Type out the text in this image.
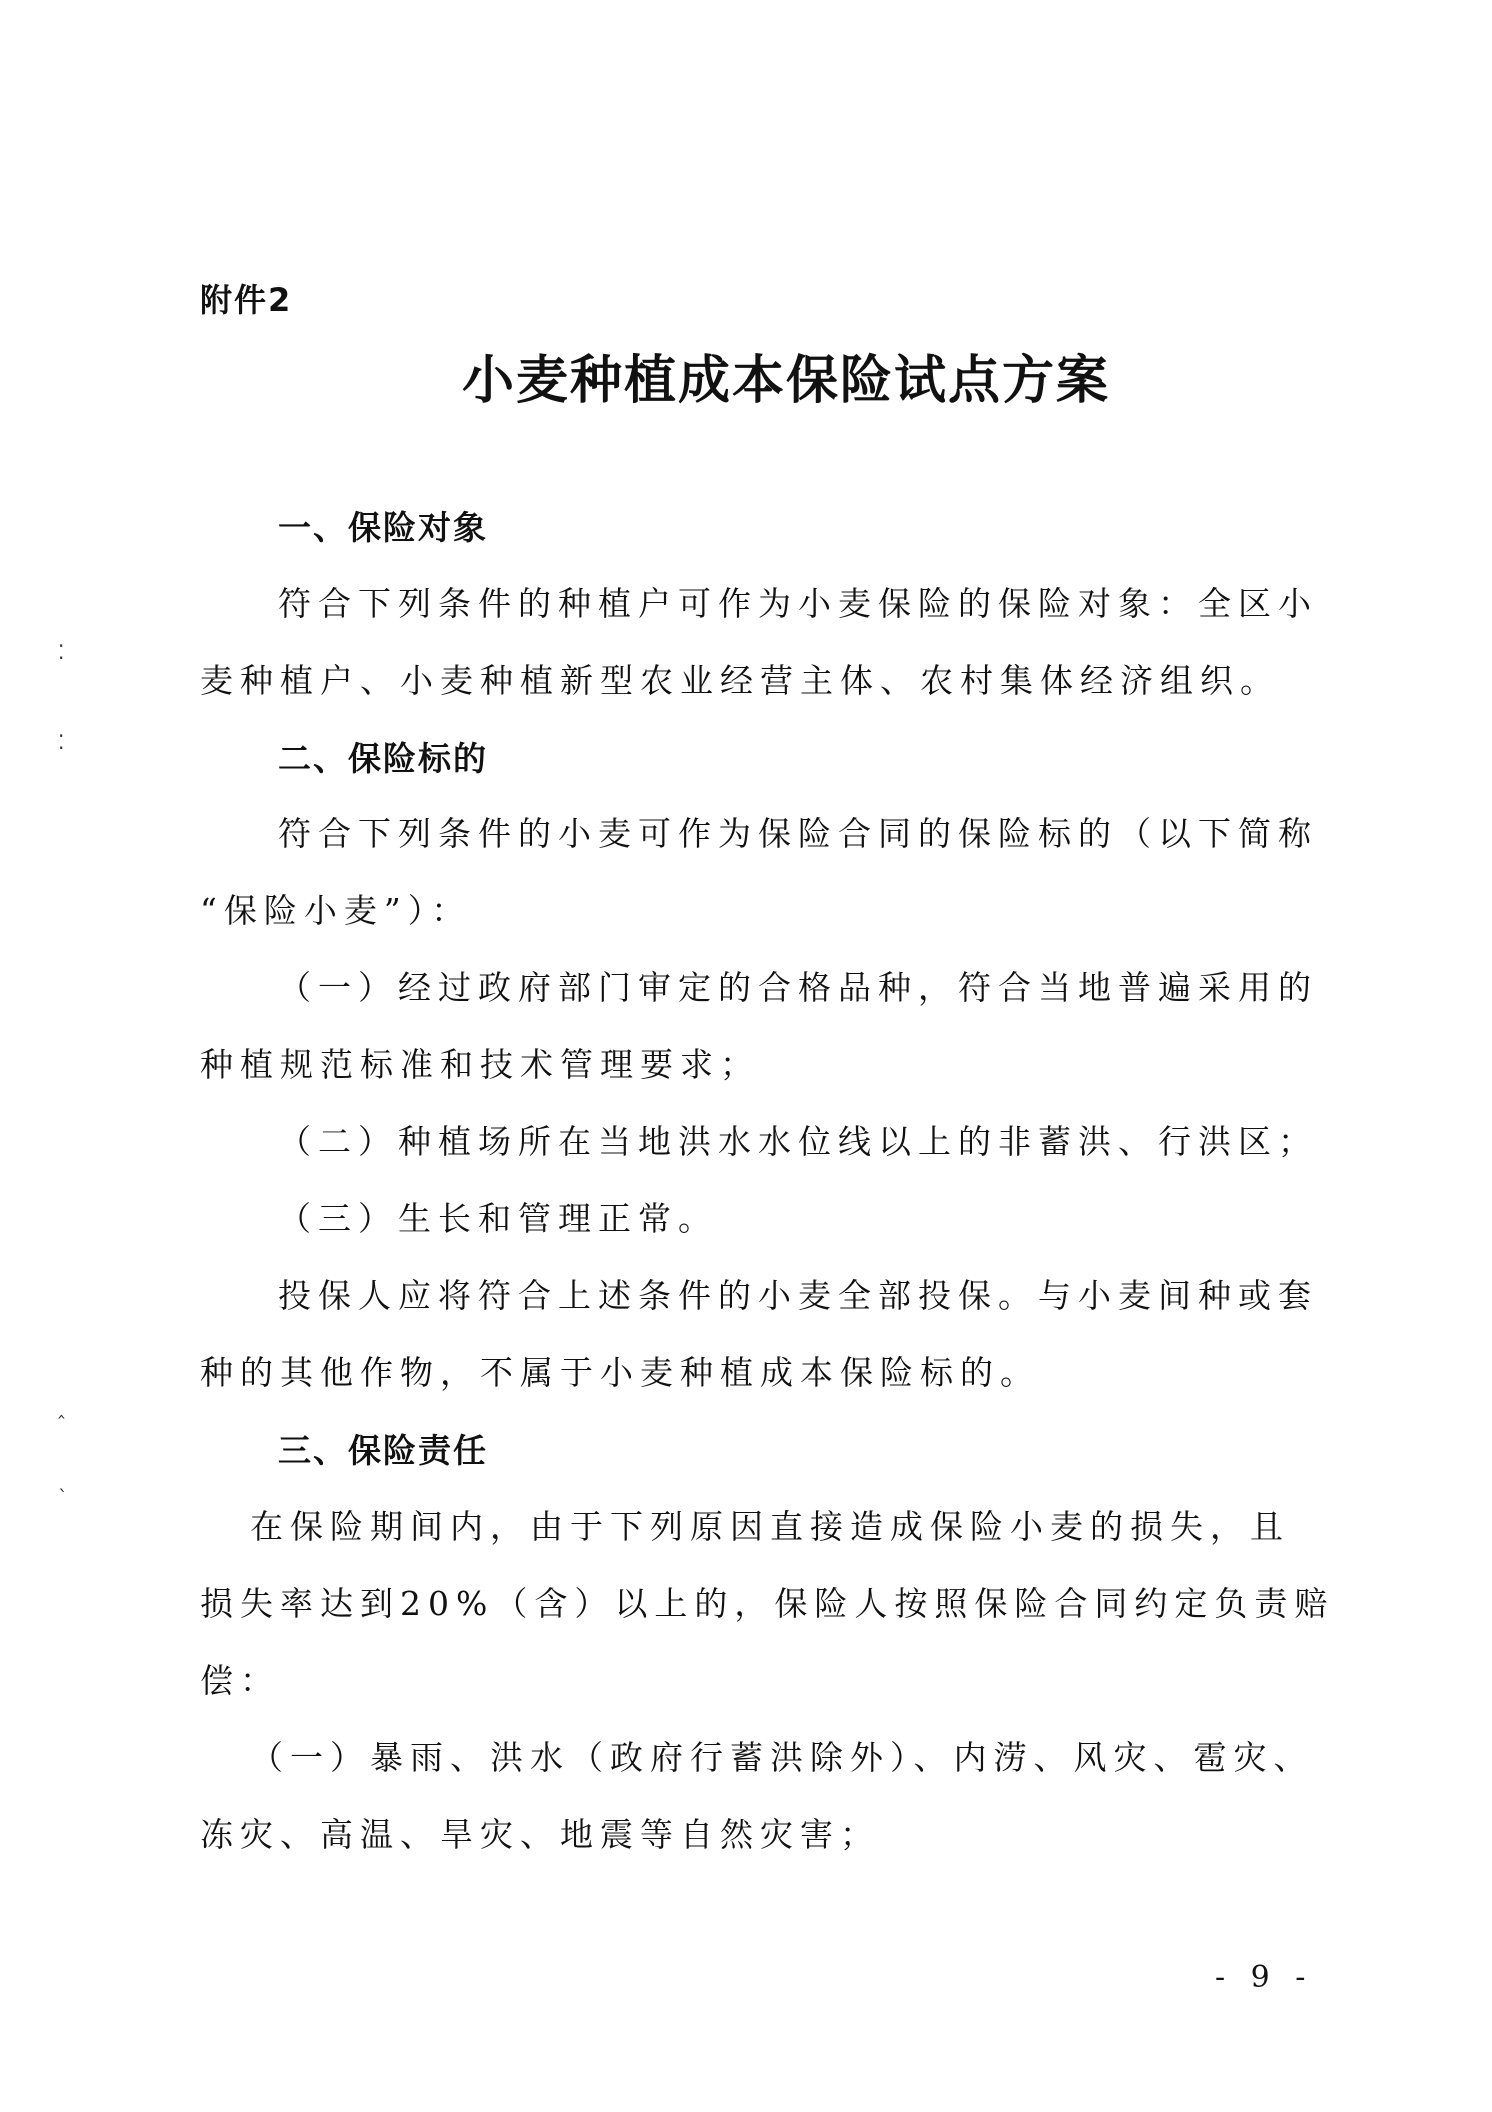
附件2
小麦种植成本保险试点方案
一、保险对象
符合下列条件的种植户可作为小麦保险的保险对象：全区小
麦种植户、小麦种植新型农业经营主体、农村集体经济组织。
二、保险标的
符合下列条件的小麦可作为保险合同的保险标的（以下简称
“保险小麦”）：
（一）经过政府部门审定的合格品种，符合当地普遍采用的
种植规范标准和技术管理要求；
（二）种植场所在当地洪水水位线以上的非蓄洪、行洪区；
（三）生长和管理正常。
投保人应将符合上述条件的小麦全部投保。与小麦间种或套
种的其他作物，不属于小麦种植成本保险标的。
三、保险责任
在保险期间内，由于下列原因直接造成保险小麦的损失，且
损失率达到20%（含）以上的，保险人按照保险合同约定负责赔
偿：
（一）暴雨、洪水（政府行蓄洪除外）、内涝、风灾、雹灾、
冻灾、高温、旱灾、地震等自然灾害；
⁚
⁚
‸
ˋ
- 9 -
